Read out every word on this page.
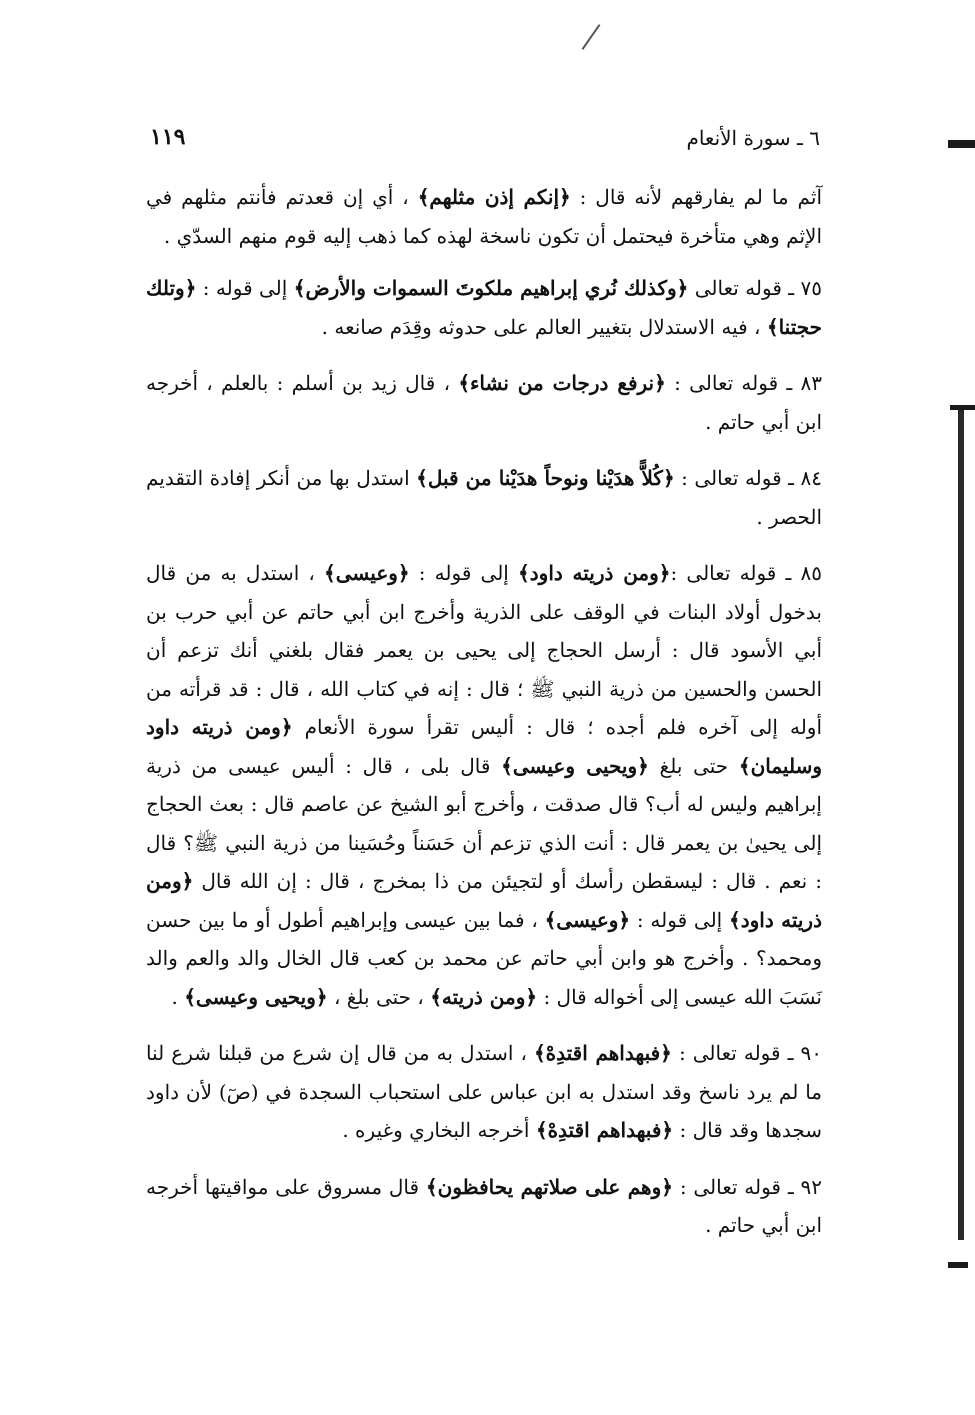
١١٩	٦ ـ سورة الأنعام

آثم ما لم يفارقهم لأنه قال : ﴿إنكم إذن مثلهم﴾ ، أي إن قعدتم فأنتم مثلهم في الإثم وهي متأخرة فيحتمل أن تكون ناسخة لهذه كما ذهب إليه قوم منهم السدّي .

٧٥ ـ قوله تعالى ﴿وكذلك نُري إبراهيم ملكوتَ السموات والأرض﴾ إلى قوله : ﴿وتلك حجتنا﴾ ، فيه الاستدلال بتغيير العالم على حدوثه وقِدَم صانعه .

٨٣ ـ قوله تعالى : ﴿نرفع درجات من نشاء﴾ ، قال زيد بن أسلم : بالعلم ، أخرجه ابن أبي حاتم .

٨٤ ـ قوله تعالى : ﴿كُلاًّ هدَيْنا ونوحاً هدَيْنا من قبل﴾ استدل بها من أنكر إفادة التقديم الحصر .

٨٥ ـ قوله تعالى :﴿ومن ذريته داود﴾ إلى قوله : ﴿وعيسى﴾ ، استدل به من قال بدخول أولاد البنات في الوقف على الذرية وأخرج ابن أبي حاتم عن أبي حرب بن أبي الأسود قال : أرسل الحجاج إلى يحيى بن يعمر فقال بلغني أنك تزعم أن الحسن والحسين من ذرية النبي ﷺ ؛ قال : إنه في كتاب الله ، قال : قد قرأته من أوله إلى آخره فلم أجده ؛ قال : أليس تقرأ سورة الأنعام ﴿ومن ذريته داود وسليمان﴾ حتى بلغ ﴿ويحيى وعيسى﴾ قال بلى ، قال : أليس عيسى من ذرية إبراهيم وليس له أب؟ قال صدقت ، وأخرج أبو الشيخ عن عاصم قال : بعث الحجاج إلى يحيىٰ بن يعمر قال : أنت الذي تزعم أن حَسَناً وحُسَينا من ذرية النبي ﷺ؟ قال : نعم . قال : ليسقطن رأسك أو لتجيئن من ذا بمخرج ، قال : إن الله قال ﴿ومن ذريته داود﴾ إلى قوله : ﴿وعيسى﴾ ، فما بين عيسى وإبراهيم أطول أو ما بين حسن ومحمد؟ . وأخرج هو وابن أبي حاتم عن محمد بن كعب قال الخال والد والعم والد نَسَبَ الله عيسى إلى أخواله قال : ﴿ومن ذريته﴾ ، حتى بلغ ، ﴿ويحيى وعيسى﴾ .

٩٠ ـ قوله تعالى : ﴿فبهداهم اقتدِهْ﴾ ، استدل به من قال إن شرع من قبلنا شرع لنا ما لم يرد ناسخ وقد استدل به ابن عباس على استحباب السجدة في (صٓ) لأن داود سجدها وقد قال : ﴿فبهداهم اقتدِهْ﴾ أخرجه البخاري وغيره .

٩٢ ـ قوله تعالى : ﴿وهم على صلاتهم يحافظون﴾ قال مسروق على مواقيتها أخرجه ابن أبي حاتم .
